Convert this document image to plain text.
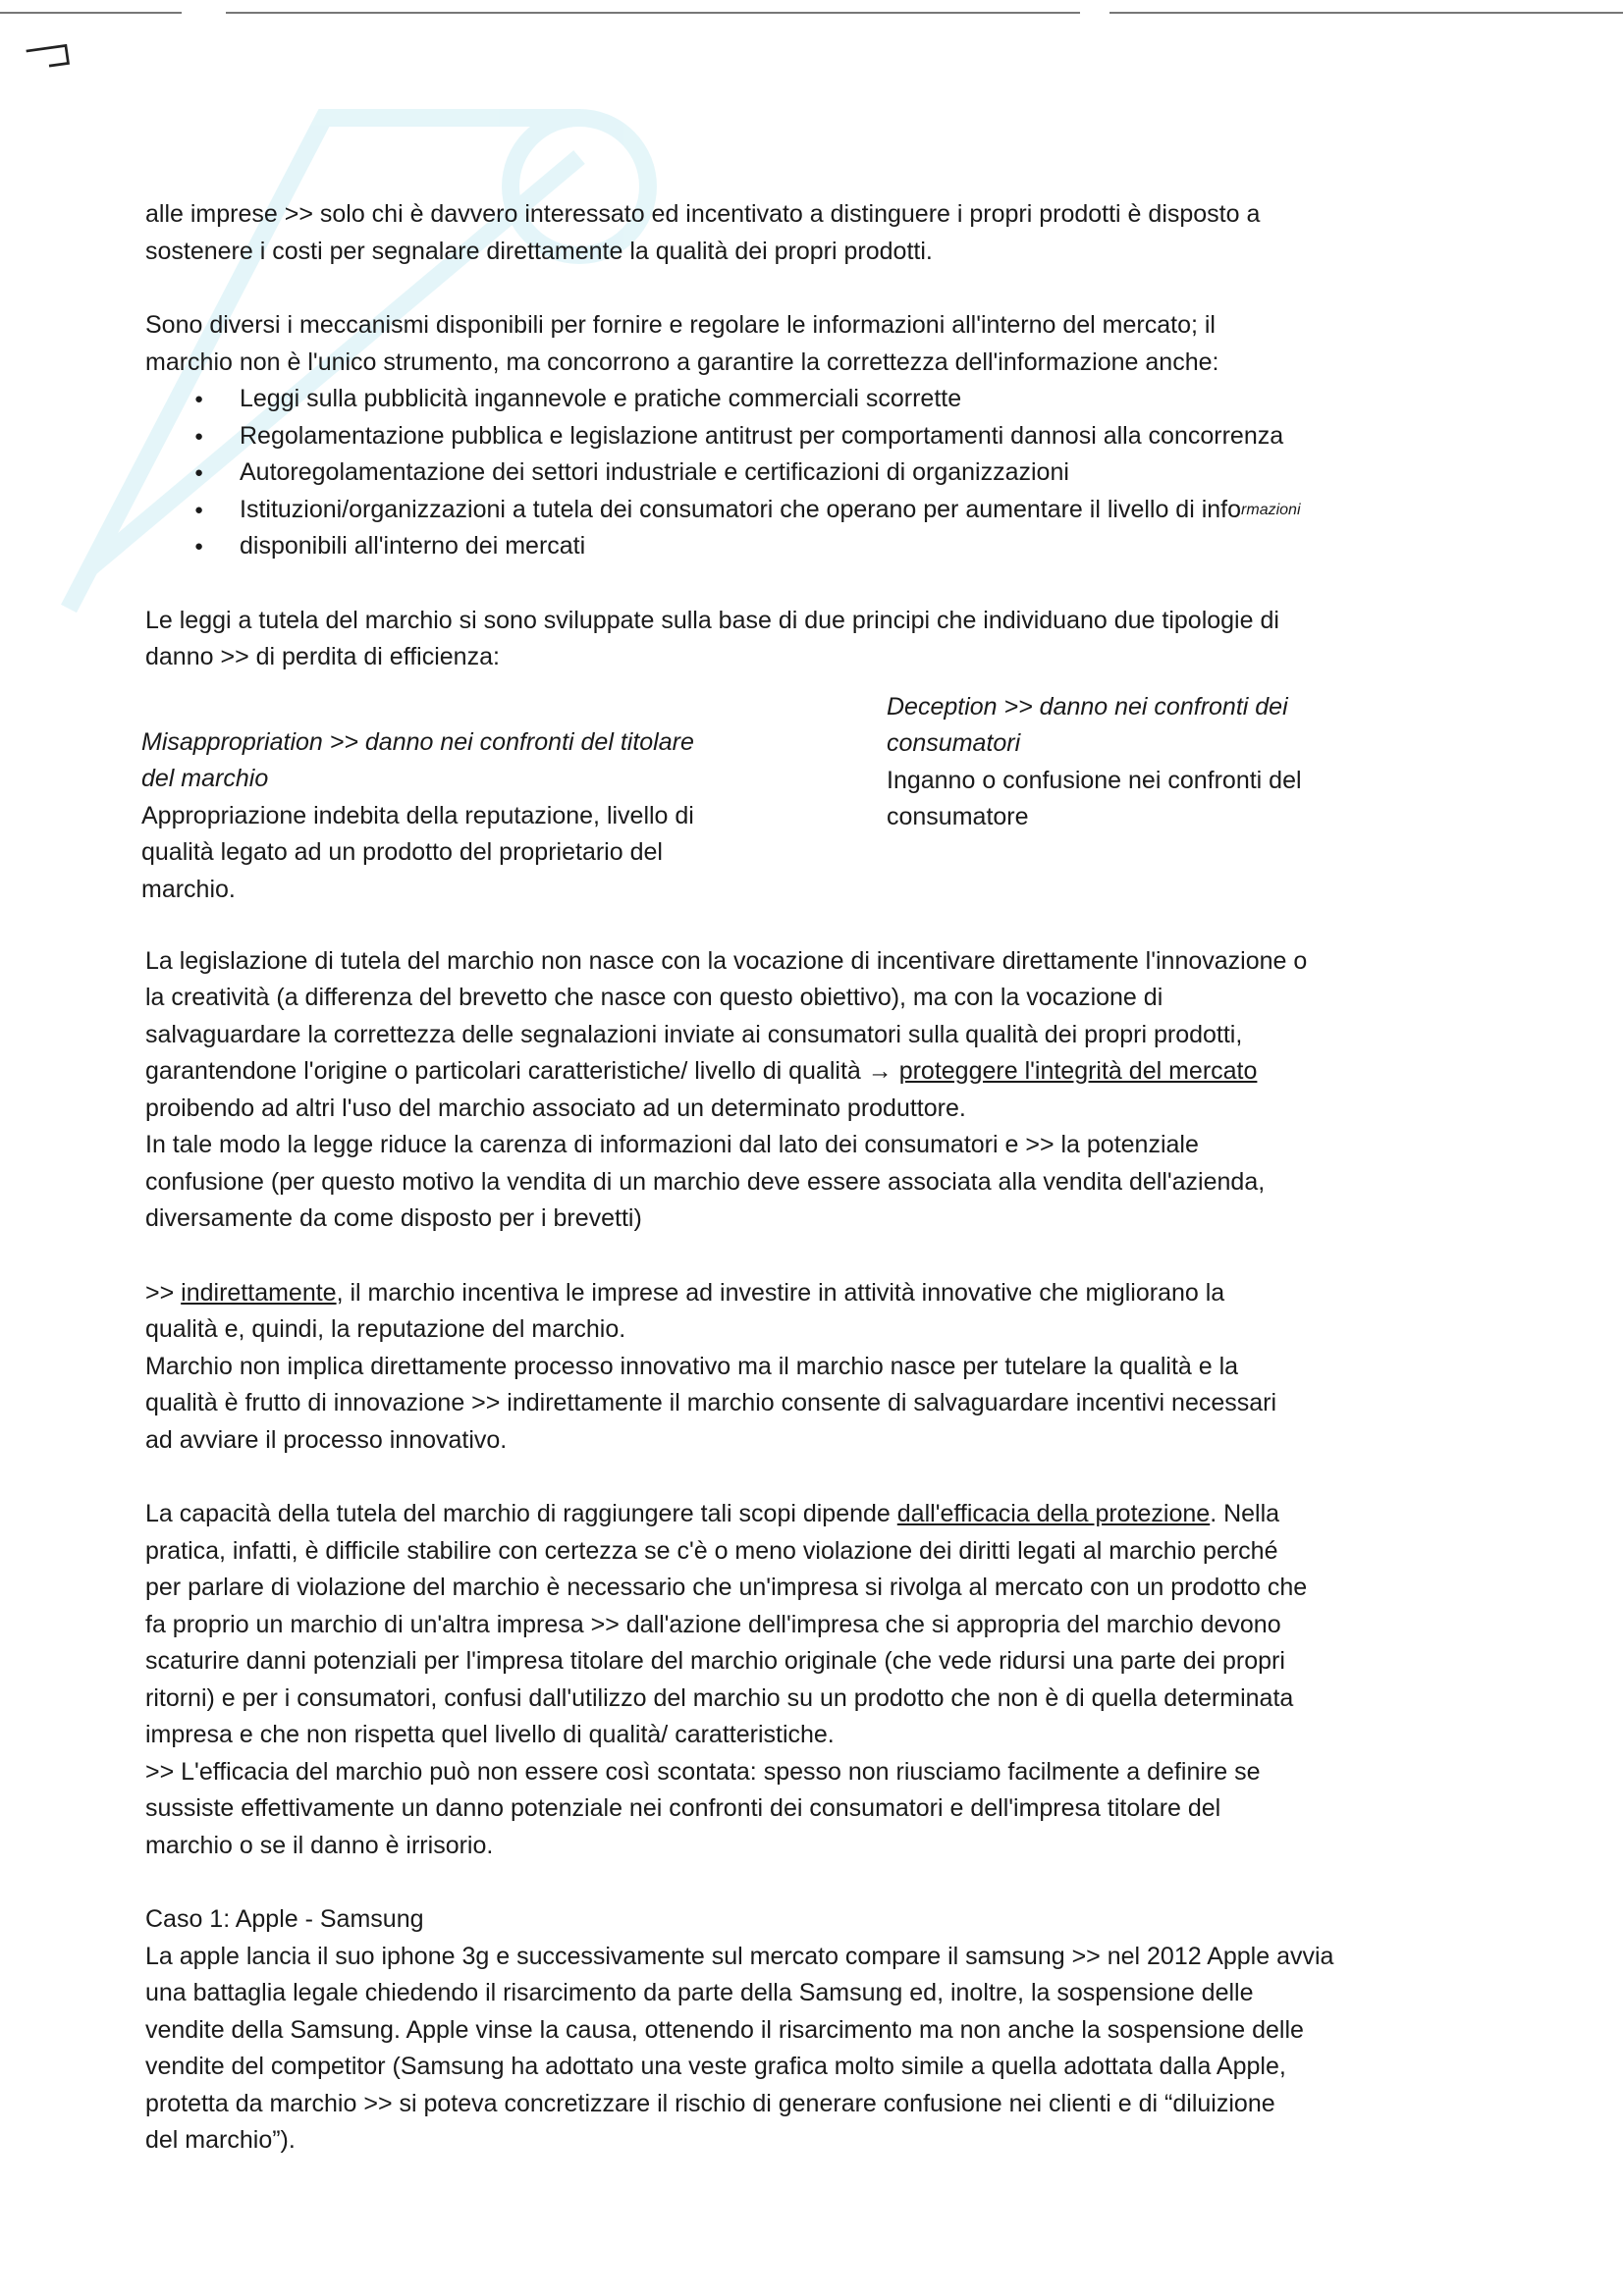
⫎

alle imprese >> solo chi è davvero interessato ed incentivato a distinguere i propri prodotti è disposto a

sostenere i costi per segnalare direttamente la qualità dei propri prodotti.

Sono diversi i meccanismi disponibili per fornire e regolare le informazioni all'interno del mercato; il

marchio non è l'unico strumento, ma concorrono a garantire la correttezza dell'informazione anche:

● Leggi sulla pubblicità ingannevole e pratiche commerciali scorrette
● Regolamentazione pubblica e legislazione antitrust per comportamenti dannosi alla concorrenza
● Autoregolamentazione dei settori industriale e certificazioni di organizzazioni
● Istituzioni/organizzazioni a tutela dei consumatori che operano per aumentare il livello di info$^{rmazioni}$
● disponibili all'interno dei mercati

Le leggi a tutela del marchio si sono sviluppate sulla base di due principi che individuano due tipologie di

danno >> di perdita di efficienza:

Misappropriation >> danno nei confronti del titolare

del marchio

Appropriazione indebita della reputazione, livello di

qualità legato ad un prodotto del proprietario del

marchio.

Deception >> danno nei confronti dei

consumatori

Inganno o confusione nei confronti del

consumatore

La legislazione di tutela del marchio non nasce con la vocazione di incentivare direttamente l'innovazione o

la creatività (a differenza del brevetto che nasce con questo obiettivo), ma con la vocazione di

salvaguardare la correttezza delle segnalazioni inviate ai consumatori sulla qualità dei propri prodotti,

garantendone l'origine o particolari caratteristiche/ livello di qualità → proteggere l'integrità del mercato

proibendo ad altri l'uso del marchio associato ad un determinato produttore.

In tale modo la legge riduce la carenza di informazioni dal lato dei consumatori e >> la potenziale

confusione (per questo motivo la vendita di un marchio deve essere associata alla vendita dell'azienda,

diversamente da come disposto per i brevetti)

>> indirettamente, il marchio incentiva le imprese ad investire in attività innovative che migliorano la

qualità e, quindi, la reputazione del marchio.

Marchio non implica direttamente processo innovativo ma il marchio nasce per tutelare la qualità e la

qualità è frutto di innovazione >> indirettamente il marchio consente di salvaguardare incentivi necessari

ad avviare il processo innovativo.

La capacità della tutela del marchio di raggiungere tali scopi dipende dall'efficacia della protezione. Nella

pratica, infatti, è difficile stabilire con certezza se c'è o meno violazione dei diritti legati al marchio perché

per parlare di violazione del marchio è necessario che un'impresa si rivolga al mercato con un prodotto che

fa proprio un marchio di un'altra impresa >> dall'azione dell'impresa che si appropria del marchio devono

scaturire danni potenziali per l'impresa titolare del marchio originale (che vede ridursi una parte dei propri

ritorni) e per i consumatori, confusi dall'utilizzo del marchio su un prodotto che non è di quella determinata

impresa e che non rispetta quel livello di qualità/ caratteristiche.

>> L'efficacia del marchio può non essere così scontata: spesso non riusciamo facilmente a definire se

sussiste effettivamente un danno potenziale nei confronti dei consumatori e dell'impresa titolare del

marchio o se il danno è irrisorio.

Caso 1: Apple - Samsung

La apple lancia il suo iphone 3g e successivamente sul mercato compare il samsung >> nel 2012 Apple avvia

una battaglia legale chiedendo il risarcimento da parte della Samsung ed, inoltre, la sospensione delle

vendite della Samsung. Apple vinse la causa, ottenendo il risarcimento ma non anche la sospensione delle

vendite del competitor (Samsung ha adottato una veste grafica molto simile a quella adottata dalla Apple,

protetta da marchio >> si poteva concretizzare il rischio di generare confusione nei clienti e di “diluizione

del marchio”).
